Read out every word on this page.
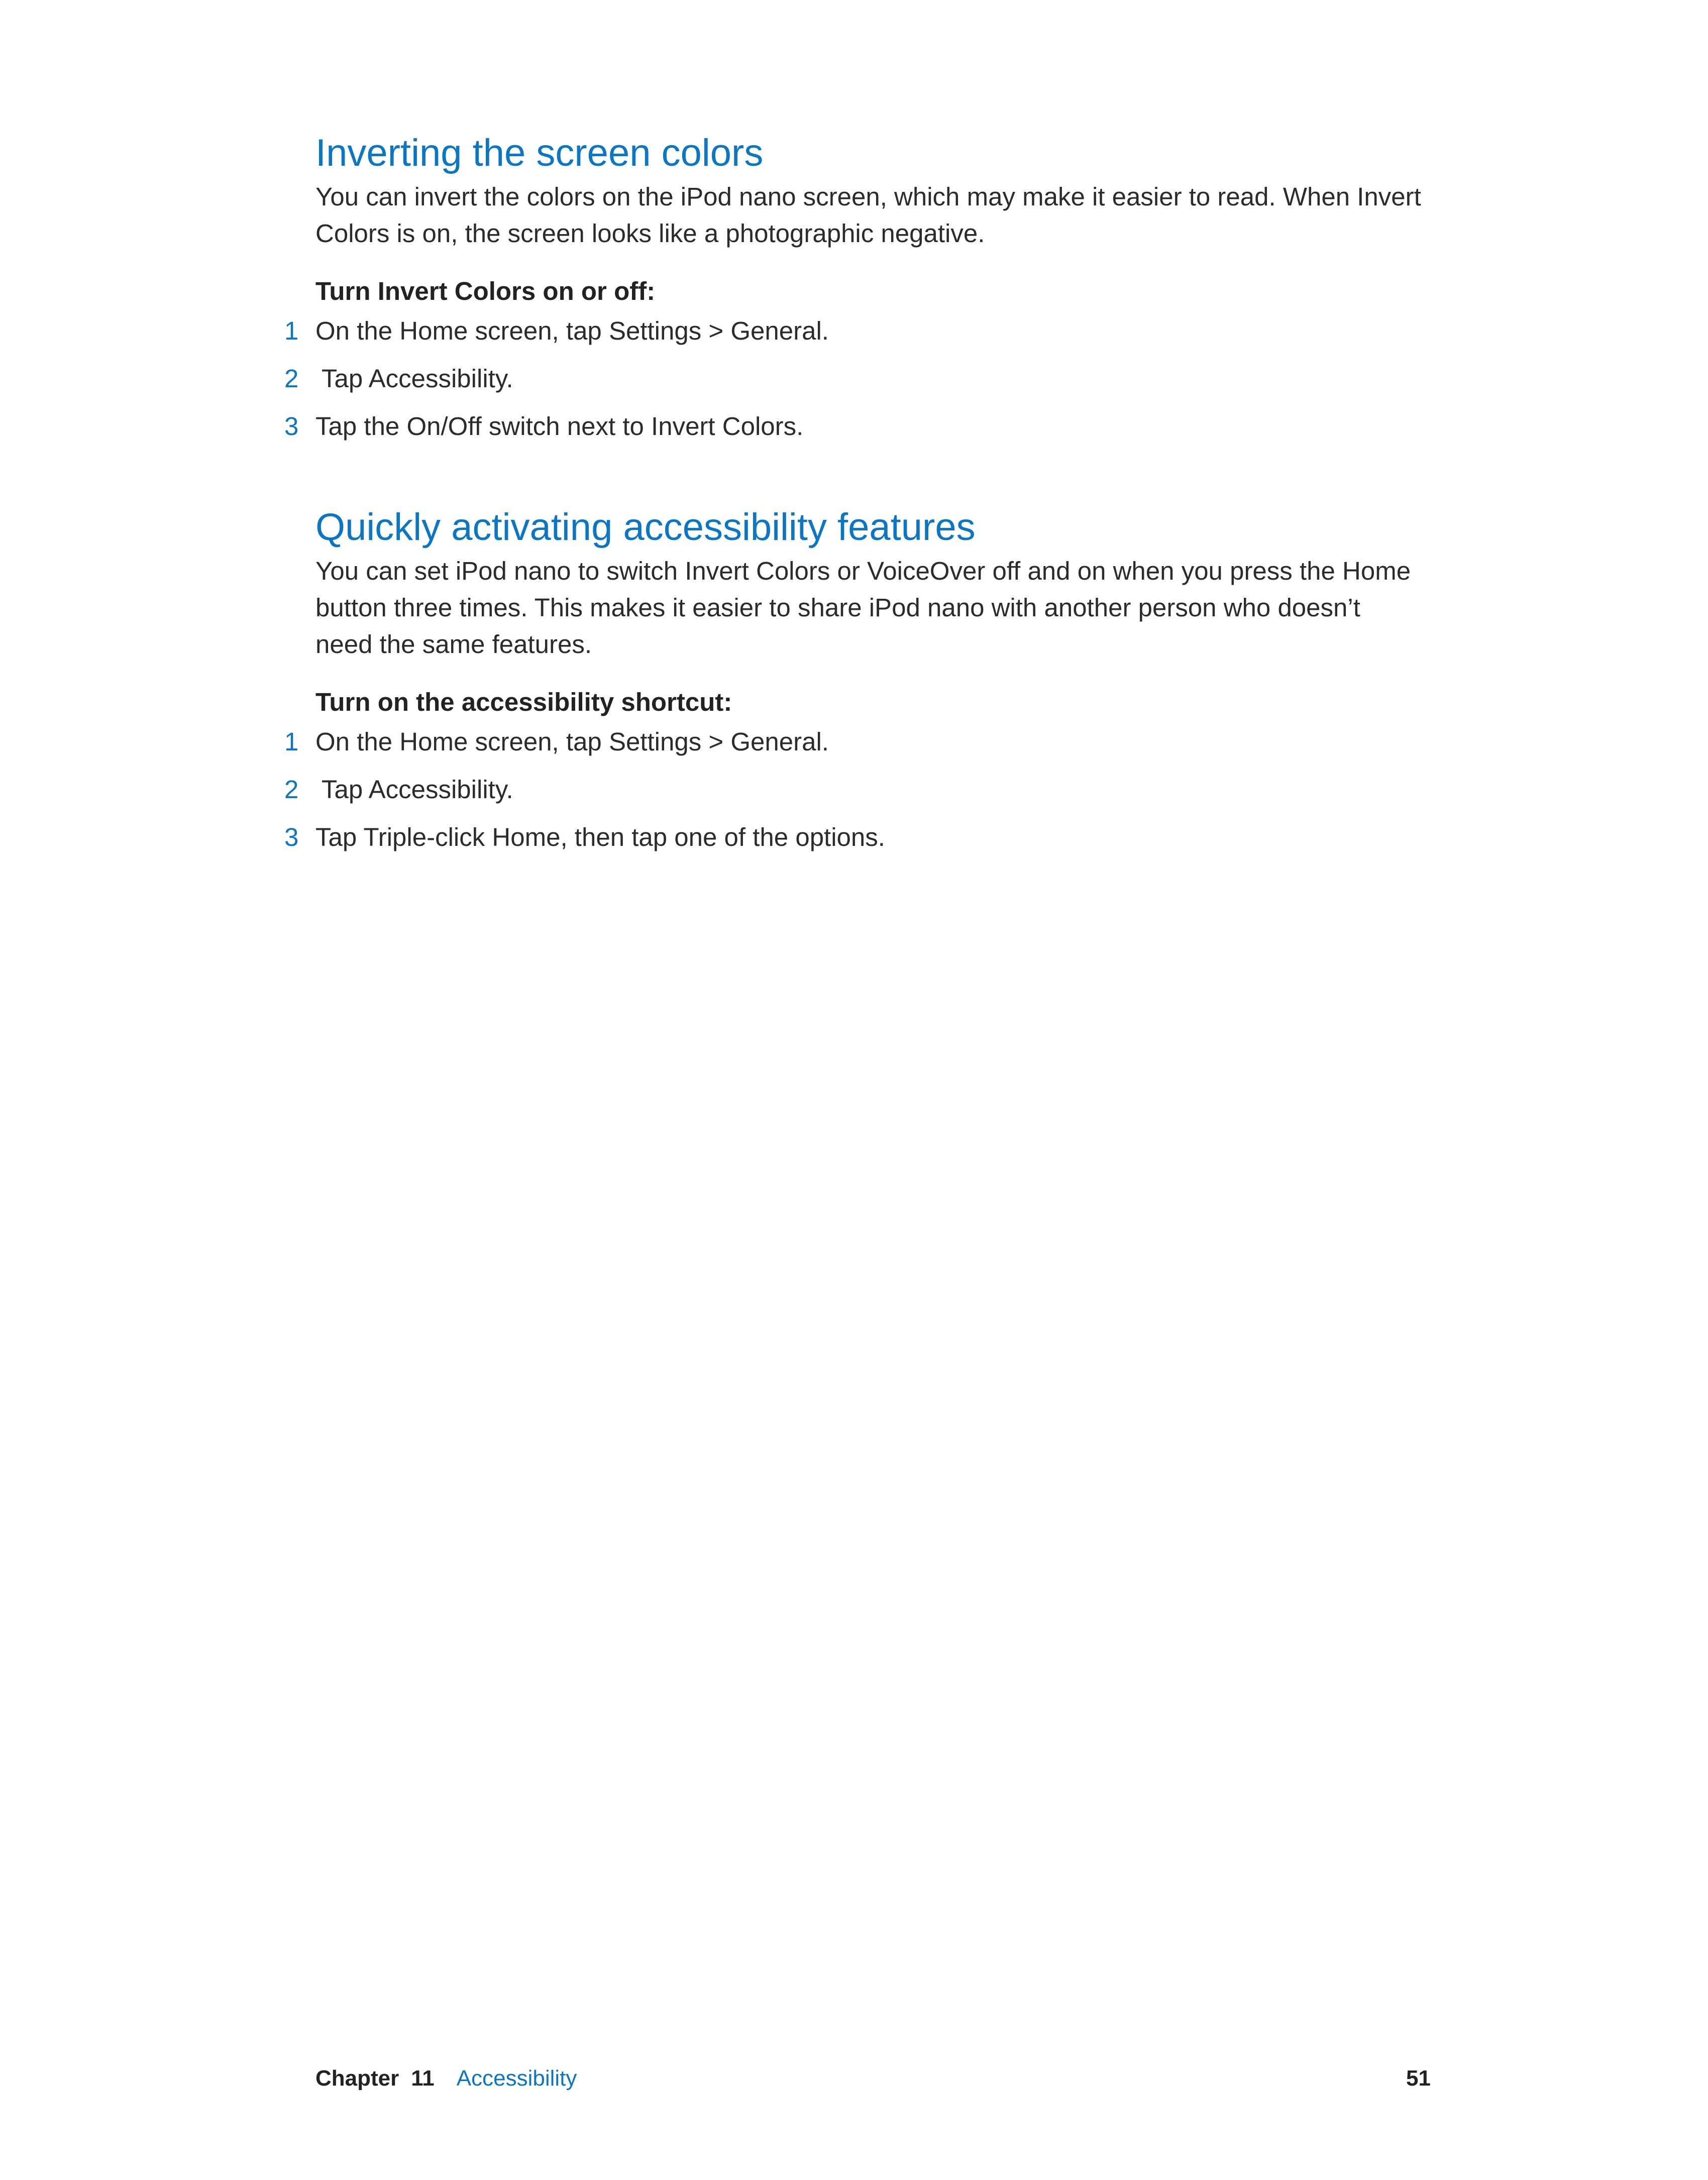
Inverting the screen colors

You can invert the colors on the iPod nano screen, which may make it easier to read. When Invert
Colors is on, the screen looks like a photographic negative.

Turn Invert Colors on or off:
1 On the Home screen, tap Settings > General.
2 Tap Accessibility.
3 Tap the On/Off switch next to Invert Colors.
Quickly activating accessibility features

You can set iPod nano to switch Invert Colors or VoiceOver off and on when you press the Home
button three times. This makes it easier to share iPod nano with another person who doesn’t
need the same features.

Turn on the accessibility shortcut:
1 On the Home screen, tap Settings > General.
2 Tap Accessibility.
3 Tap Triple-click Home, then tap one of the options.
Chapter 11 Accessibility	51
